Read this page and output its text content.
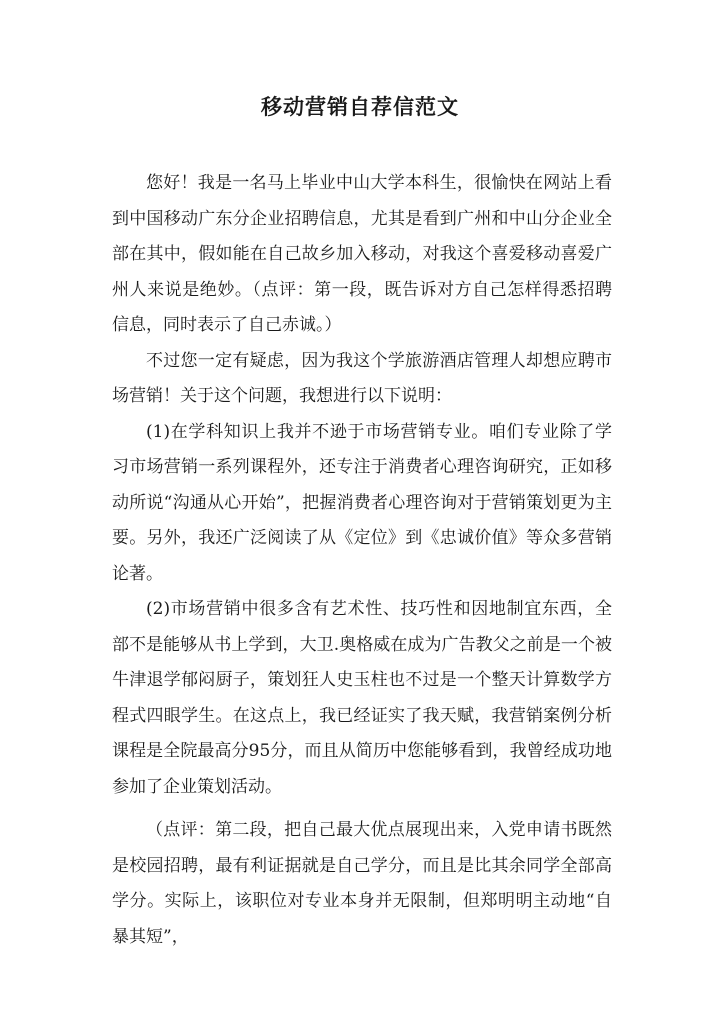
移动营销自荐信范文

您好！我是一名马上毕业中山大学本科生，很愉快在网站上看到中国移动广东分企业招聘信息，尤其是看到广州和中山分企业全部在其中，假如能在自己故乡加入移动，对我这个喜爱移动喜爱广州人来说是绝妙。（点评：第一段，既告诉对方自己怎样得悉招聘信息，同时表示了自己赤诚。）

不过您一定有疑虑，因为我这个学旅游酒店管理人却想应聘市场营销！关于这个问题，我想进行以下说明：

(1)在学科知识上我并不逊于市场营销专业。咱们专业除了学习市场营销一系列课程外，还专注于消费者心理咨询研究，正如移动所说“沟通从心开始”，把握消费者心理咨询对于营销策划更为主要。另外，我还广泛阅读了从《定位》到《忠诚价值》等众多营销论著。

(2)市场营销中很多含有艺术性、技巧性和因地制宜东西，全部不是能够从书上学到，大卫.奥格威在成为广告教父之前是一个被牛津退学郁闷厨子，策划狂人史玉柱也不过是一个整天计算数学方程式四眼学生。在这点上，我已经证实了我天赋，我营销案例分析课程是全院最高分95分，而且从简历中您能够看到，我曾经成功地参加了企业策划活动。

（点评：第二段，把自己最大优点展现出来，入党申请书既然是校园招聘，最有利证据就是自己学分，而且是比其余同学全部高学分。实际上，该职位对专业本身并无限制，但郑明明主动地“自暴其短”，
